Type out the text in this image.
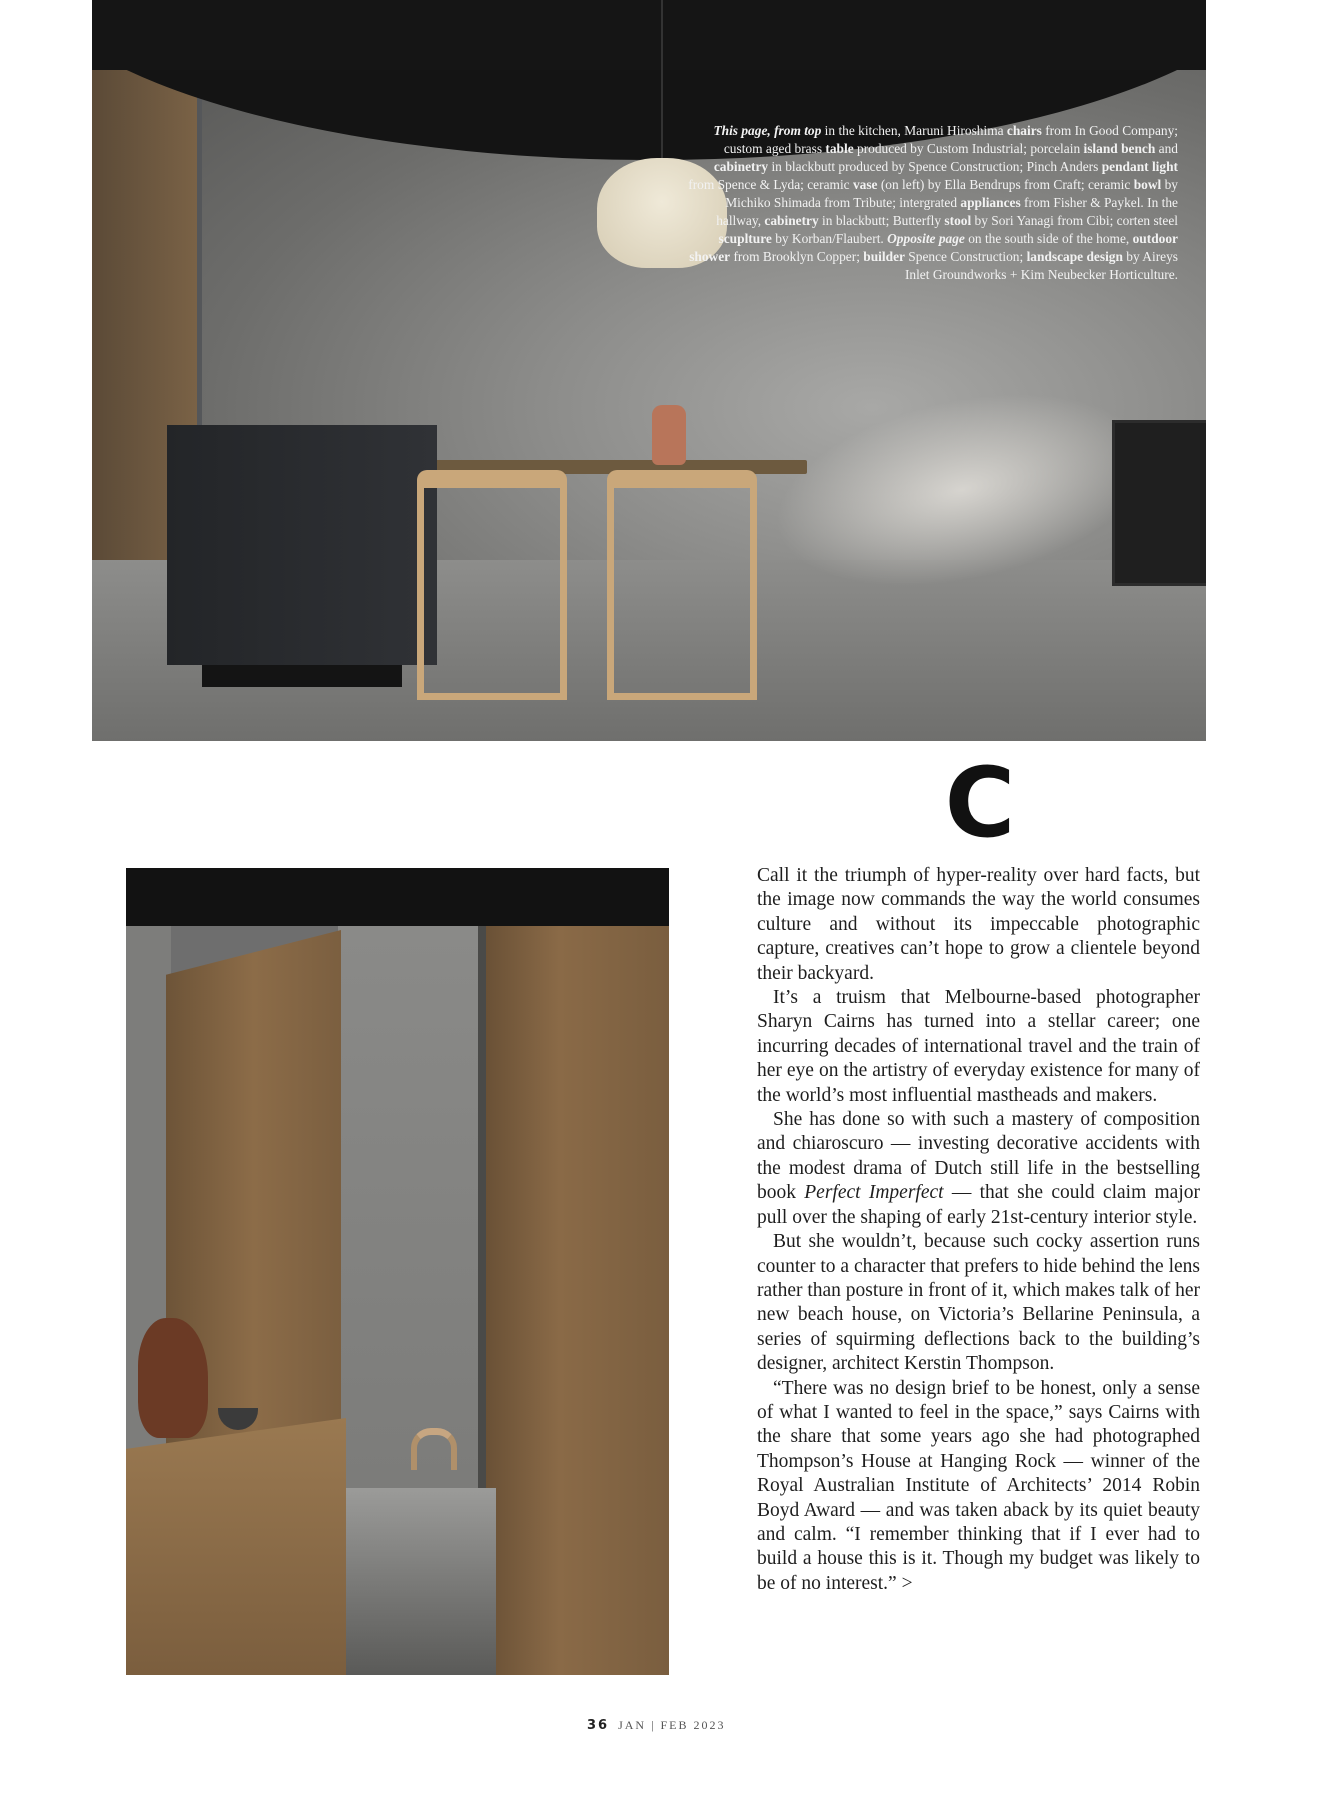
This page, from top in the kitchen, Maruni Hiroshima chairs from In Good Company; custom aged brass table produced by Custom Industrial; porcelain island bench and cabinetry in blackbutt produced by Spence Construction; Pinch Anders pendant light from Spence & Lyda; ceramic vase (on left) by Ella Bendrups from Craft; ceramic bowl by Michiko Shimada from Tribute; intergrated appliances from Fisher & Paykel. In the hallway, cabinetry in blackbutt; Butterfly stool by Sori Yanagi from Cibi; corten steel scuplture by Korban/Flaubert. Opposite page on the south side of the home, outdoor shower from Brooklyn Copper; builder Spence Construction; landscape design by Aireys Inlet Groundworks + Kim Neubecker Horticulture.

C

Call it the triumph of hyper-reality over hard facts, but the image now commands the way the world consumes culture and without its impeccable photographic capture, creatives can’t hope to grow a clientele beyond their backyard.

It’s a truism that Melbourne-based photographer Sharyn Cairns has turned into a stellar career; one incurring decades of international travel and the train of her eye on the artistry of everyday existence for many of the world’s most influential mastheads and makers.

She has done so with such a mastery of composition and chiaroscuro — investing decorative accidents with the modest drama of Dutch still life in the bestselling book Perfect Imperfect — that she could claim major pull over the shaping of early 21st-century interior style.

But she wouldn’t, because such cocky assertion runs counter to a character that prefers to hide behind the lens rather than posture in front of it, which makes talk of her new beach house, on Victoria’s Bellarine Peninsula, a series of squirming deflections back to the building’s designer, architect Kerstin Thompson.

“There was no design brief to be honest, only a sense of what I wanted to feel in the space,” says Cairns with the share that some years ago she had photographed Thompson’s House at Hanging Rock — winner of the Royal Australian Institute of Architects’ 2014 Robin Boyd Award — and was taken aback by its quiet beauty and calm. “I remember thinking that if I ever had to build a house this is it. Though my budget was likely to be of no interest.” >

36 JAN | FEB 2023
